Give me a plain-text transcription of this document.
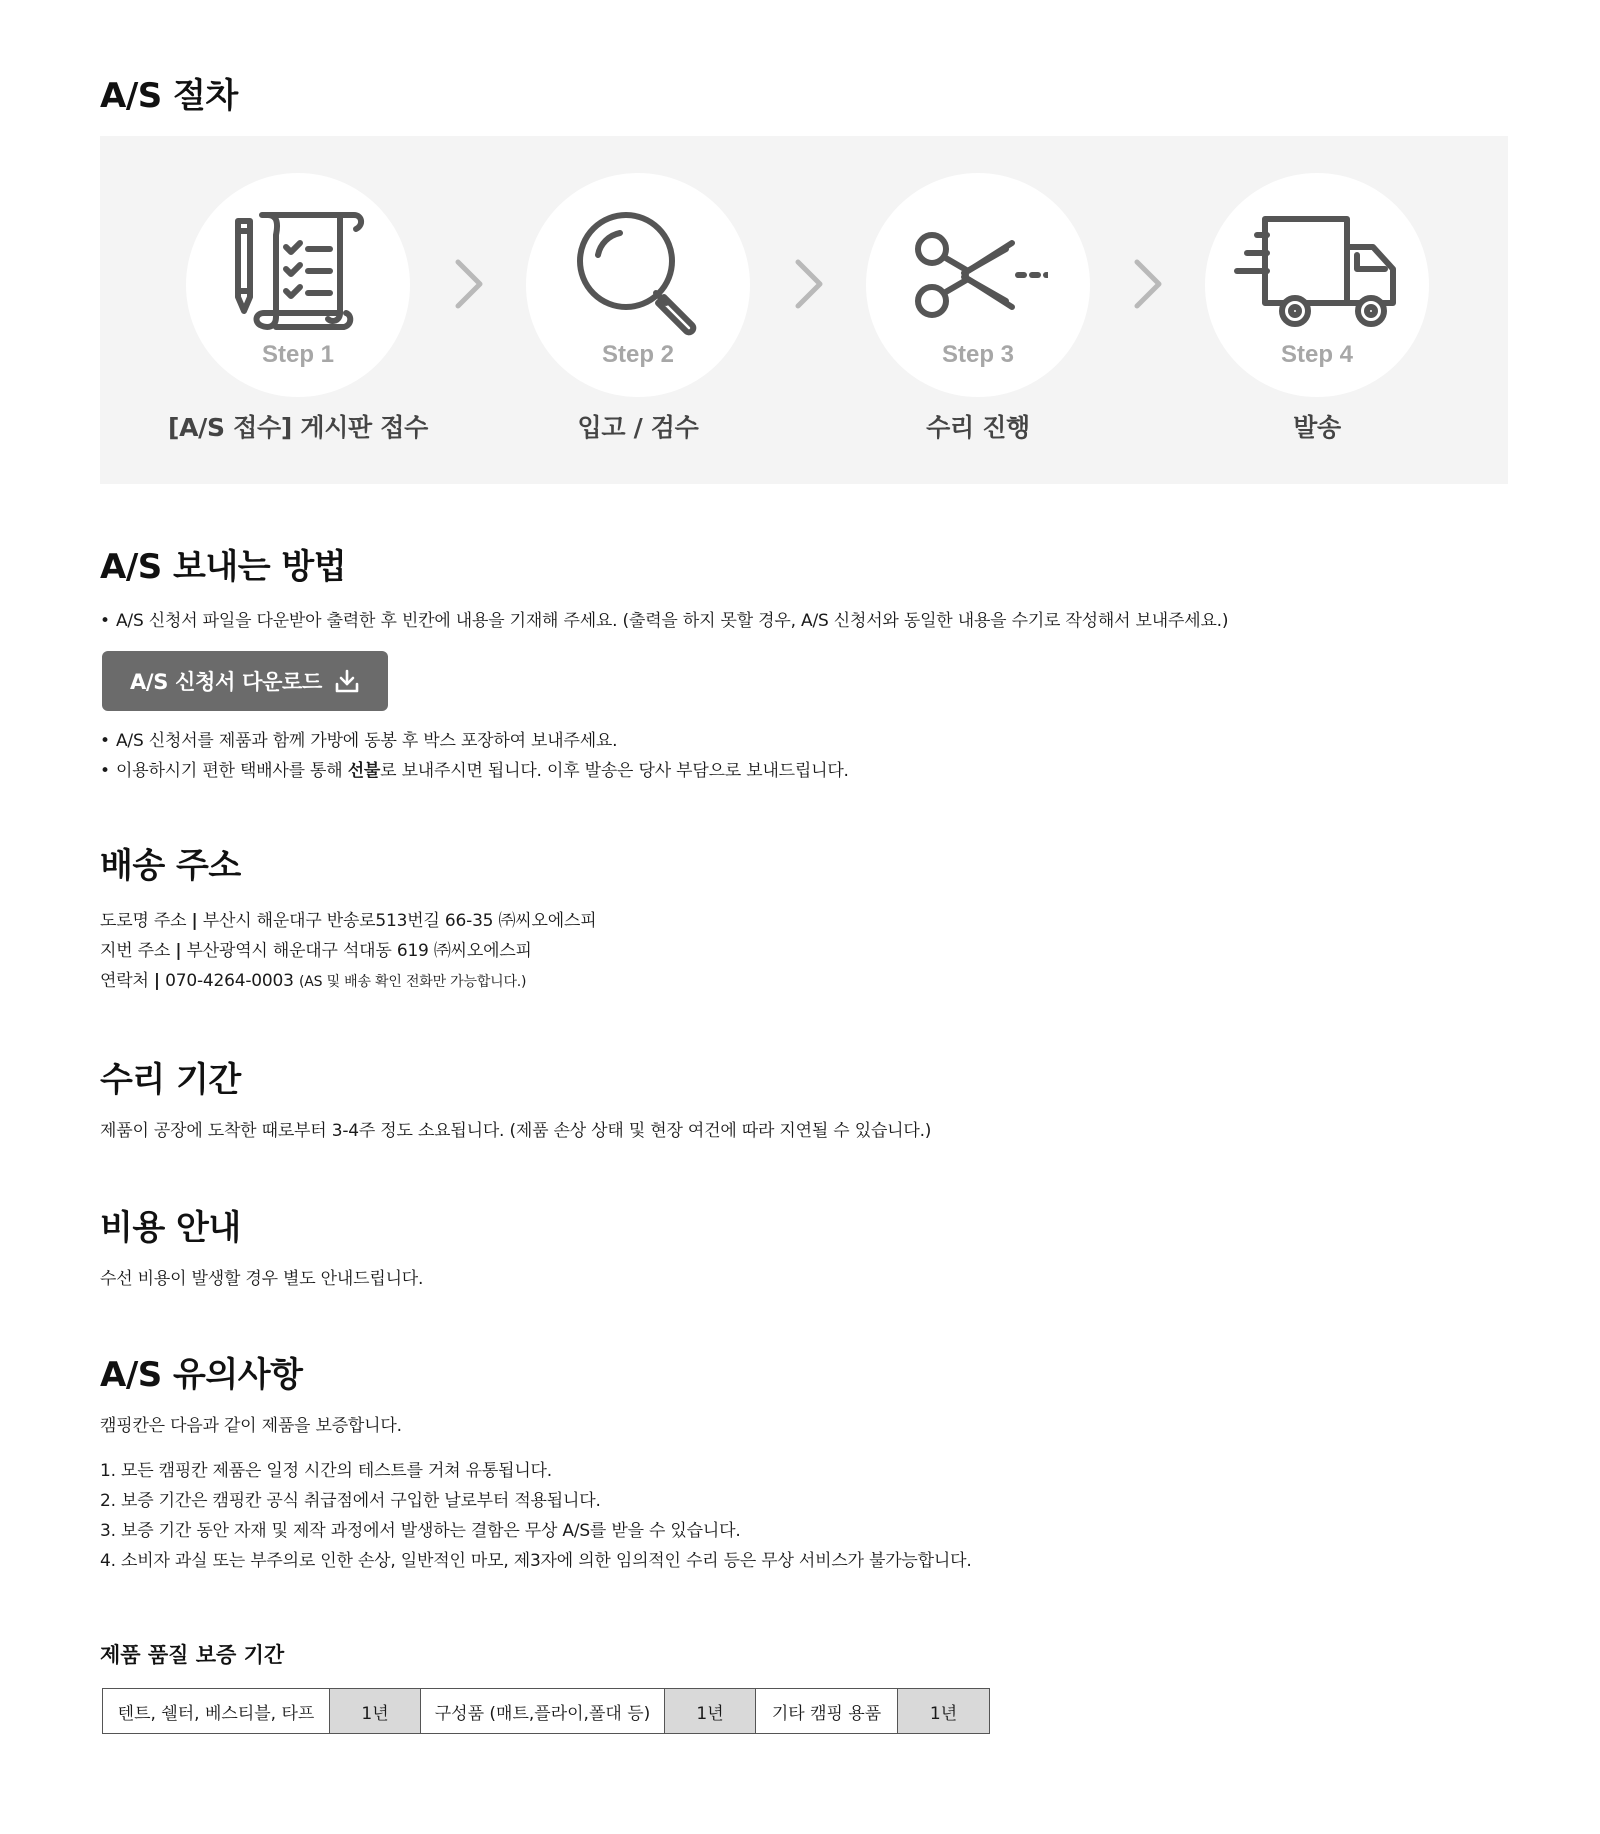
A/S 절차
Step 1
[A/S 접수] 게시판 접수
Step 2
입고 / 검수
Step 3
수리 진행
Step 4
발송
A/S 보내는 방법
• A/S 신청서 파일을 다운받아 출력한 후 빈칸에 내용을 기재해 주세요. (출력을 하지 못할 경우, A/S 신청서와 동일한 내용을 수기로 작성해서 보내주세요.)
A/S 신청서 다운로드
• A/S 신청서를 제품과 함께 가방에 동봉 후 박스 포장하여 보내주세요.
• 이용하시기 편한 택배사를 통해 선불로 보내주시면 됩니다. 이후 발송은 당사 부담으로 보내드립니다.
배송 주소
도로명 주소 | 부산시 해운대구 반송로513번길 66-35 ㈜씨오에스피
지번 주소 | 부산광역시 해운대구 석대동 619 ㈜씨오에스피
연락처 | 070-4264-0003 (AS 및 배송 확인 전화만 가능합니다.)
수리 기간
제품이 공장에 도착한 때로부터 3-4주 정도 소요됩니다. (제품 손상 상태 및 현장 여건에 따라 지연될 수 있습니다.)
비용 안내
수선 비용이 발생할 경우 별도 안내드립니다.
A/S 유의사항
캠핑칸은 다음과 같이 제품을 보증합니다.
1. 모든 캠핑칸 제품은 일정 시간의 테스트를 거쳐 유통됩니다.
2. 보증 기간은 캠핑칸 공식 취급점에서 구입한 날로부터 적용됩니다.
3. 보증 기간 동안 자재 및 제작 과정에서 발생하는 결함은 무상 A/S를 받을 수 있습니다.
4. 소비자 과실 또는 부주의로 인한 손상, 일반적인 마모, 제3자에 의한 임의적인 수리 등은 무상 서비스가 불가능합니다.
제품 품질 보증 기간
텐트, 쉘터, 베스티블, 타프	1년	구성품 (매트,플라이,폴대 등)	1년	기타 캠핑 용품	1년
